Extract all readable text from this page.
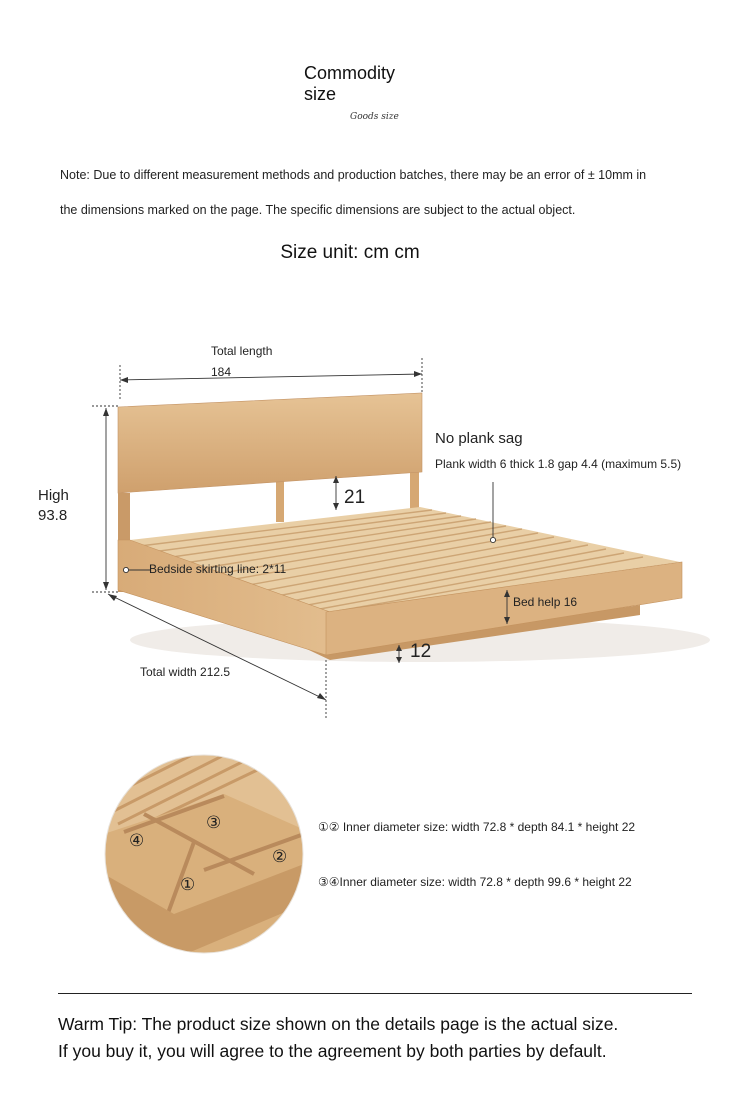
Commodity
size
Goods size
Note: Due to different measurement methods and production batches, there may be an error of ± 10mm in
the dimensions marked on the page. The specific dimensions are subject to the actual object.
Size unit: cm cm
Total length
184
High
93.8
21
No plank sag
Plank width 6 thick 1.8 gap 4.4 (maximum 5.5)
Bedside skirting line: 2*11
Bed help 16
12
Total width 212.5
③
④
②
①
①② Inner diameter size: width 72.8 * depth 84.1 * height 22
③④Inner diameter size: width 72.8 * depth 99.6 * height 22
Warm Tip: The product size shown on the details page is the actual size.
If you buy it, you will agree to the agreement by both parties by default.
